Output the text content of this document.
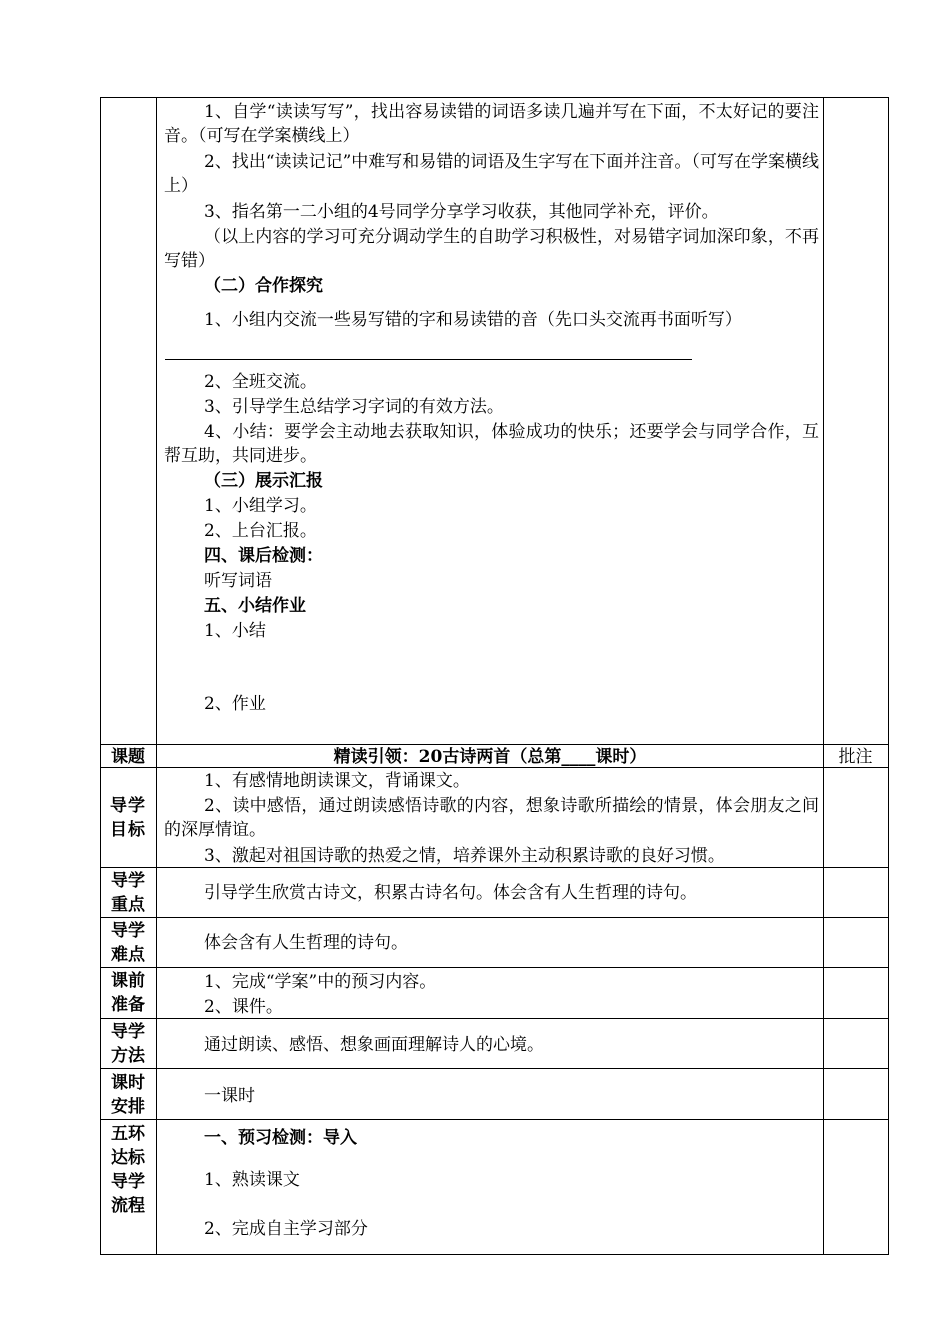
1、自学“读读写写”，找出容易读错的词语多读几遍并写在下面，不太好记的要注音。（可写在学案横线上）
2、找出“读读记记”中难写和易错的词语及生字写在下面并注音。（可写在学案横线上）
3、指名第一二小组的4号同学分享学习收获，其他同学补充，评价。
（以上内容的学习可充分调动学生的自助学习积极性，对易错字词加深印象，不再写错）
（二）合作探究
1、小组内交流一些易写错的字和易读错的音（先口头交流再书面听写）
2、全班交流。
3、引导学生总结学习字词的有效方法。
4、小结：要学会主动地去获取知识，体验成功的快乐；还要学会与同学合作，互帮互助，共同进步。
（三）展示汇报
1、小组学习。
2、上台汇报。
四、课后检测：
听写词语
五、小结作业
1、小结
2、作业
课题	精读引领：20古诗两首（总第____课时）	批注
导学目标
1、有感情地朗读课文，背诵课文。
2、读中感悟，通过朗读感悟诗歌的内容，想象诗歌所描绘的情景，体会朋友之间的深厚情谊。
3、激起对祖国诗歌的热爱之情，培养课外主动积累诗歌的良好习惯。
导学重点
引导学生欣赏古诗文，积累古诗名句。体会含有人生哲理的诗句。
导学难点
体会含有人生哲理的诗句。
课前准备
1、完成“学案”中的预习内容。
2、课件。
导学方法
通过朗读、感悟、想象画面理解诗人的心境。
课时安排
一课时
五环达标导学流程
一、预习检测：导入
1、熟读课文
2、完成自主学习部分
